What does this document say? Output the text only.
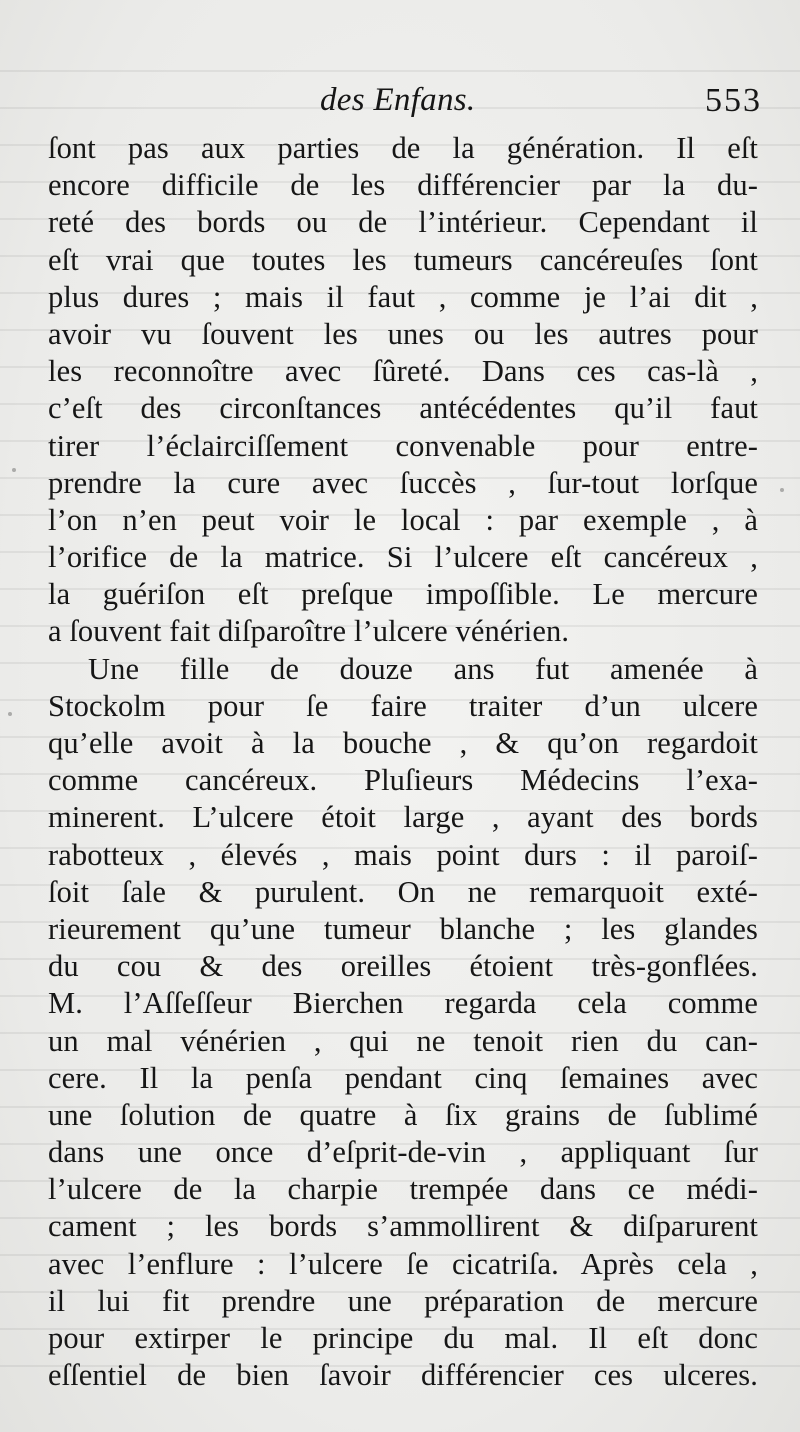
des Enfans.	553
ſont pas aux parties de la génération. Il eſt
encore difficile de les différencier par la du-
reté des bords ou de l’intérieur. Cependant il
eſt vrai que toutes les tumeurs cancéreuſes ſont
plus dures ; mais il faut , comme je l’ai dit ,
avoir vu ſouvent les unes ou les autres pour
les reconnoître avec ſûreté. Dans ces cas-là ,
c’eſt des circonſtances antécédentes qu’il faut
tirer l’éclairciſſement convenable pour entre-
prendre la cure avec ſuccès , ſur-tout lorſque
l’on n’en peut voir le local : par exemple , à
l’orifice de la matrice. Si l’ulcere eſt cancéreux ,
la guériſon eſt preſque impoſſible. Le mercure
a ſouvent fait diſparoître l’ulcere vénérien.
Une fille de douze ans fut amenée à
Stockolm pour ſe faire traiter d’un ulcere
qu’elle avoit à la bouche , & qu’on regardoit
comme cancéreux. Pluſieurs Médecins l’exa-
minerent. L’ulcere étoit large , ayant des bords
rabotteux , élevés , mais point durs : il paroiſ-
ſoit ſale & purulent. On ne remarquoit exté-
rieurement qu’une tumeur blanche ; les glandes
du cou & des oreilles étoient très-gonflées.
M. l’Aſſeſſeur Bierchen regarda cela comme
un mal vénérien , qui ne tenoit rien du can-
cere. Il la penſa pendant cinq ſemaines avec
une ſolution de quatre à ſix grains de ſublimé
dans une once d’eſprit-de-vin , appliquant ſur
l’ulcere de la charpie trempée dans ce médi-
cament ; les bords s’ammollirent & diſparurent
avec l’enflure : l’ulcere ſe cicatriſa. Après cela ,
il lui fit prendre une préparation de mercure
pour extirper le principe du mal. Il eſt donc
eſſentiel de bien ſavoir différencier ces ulceres.
